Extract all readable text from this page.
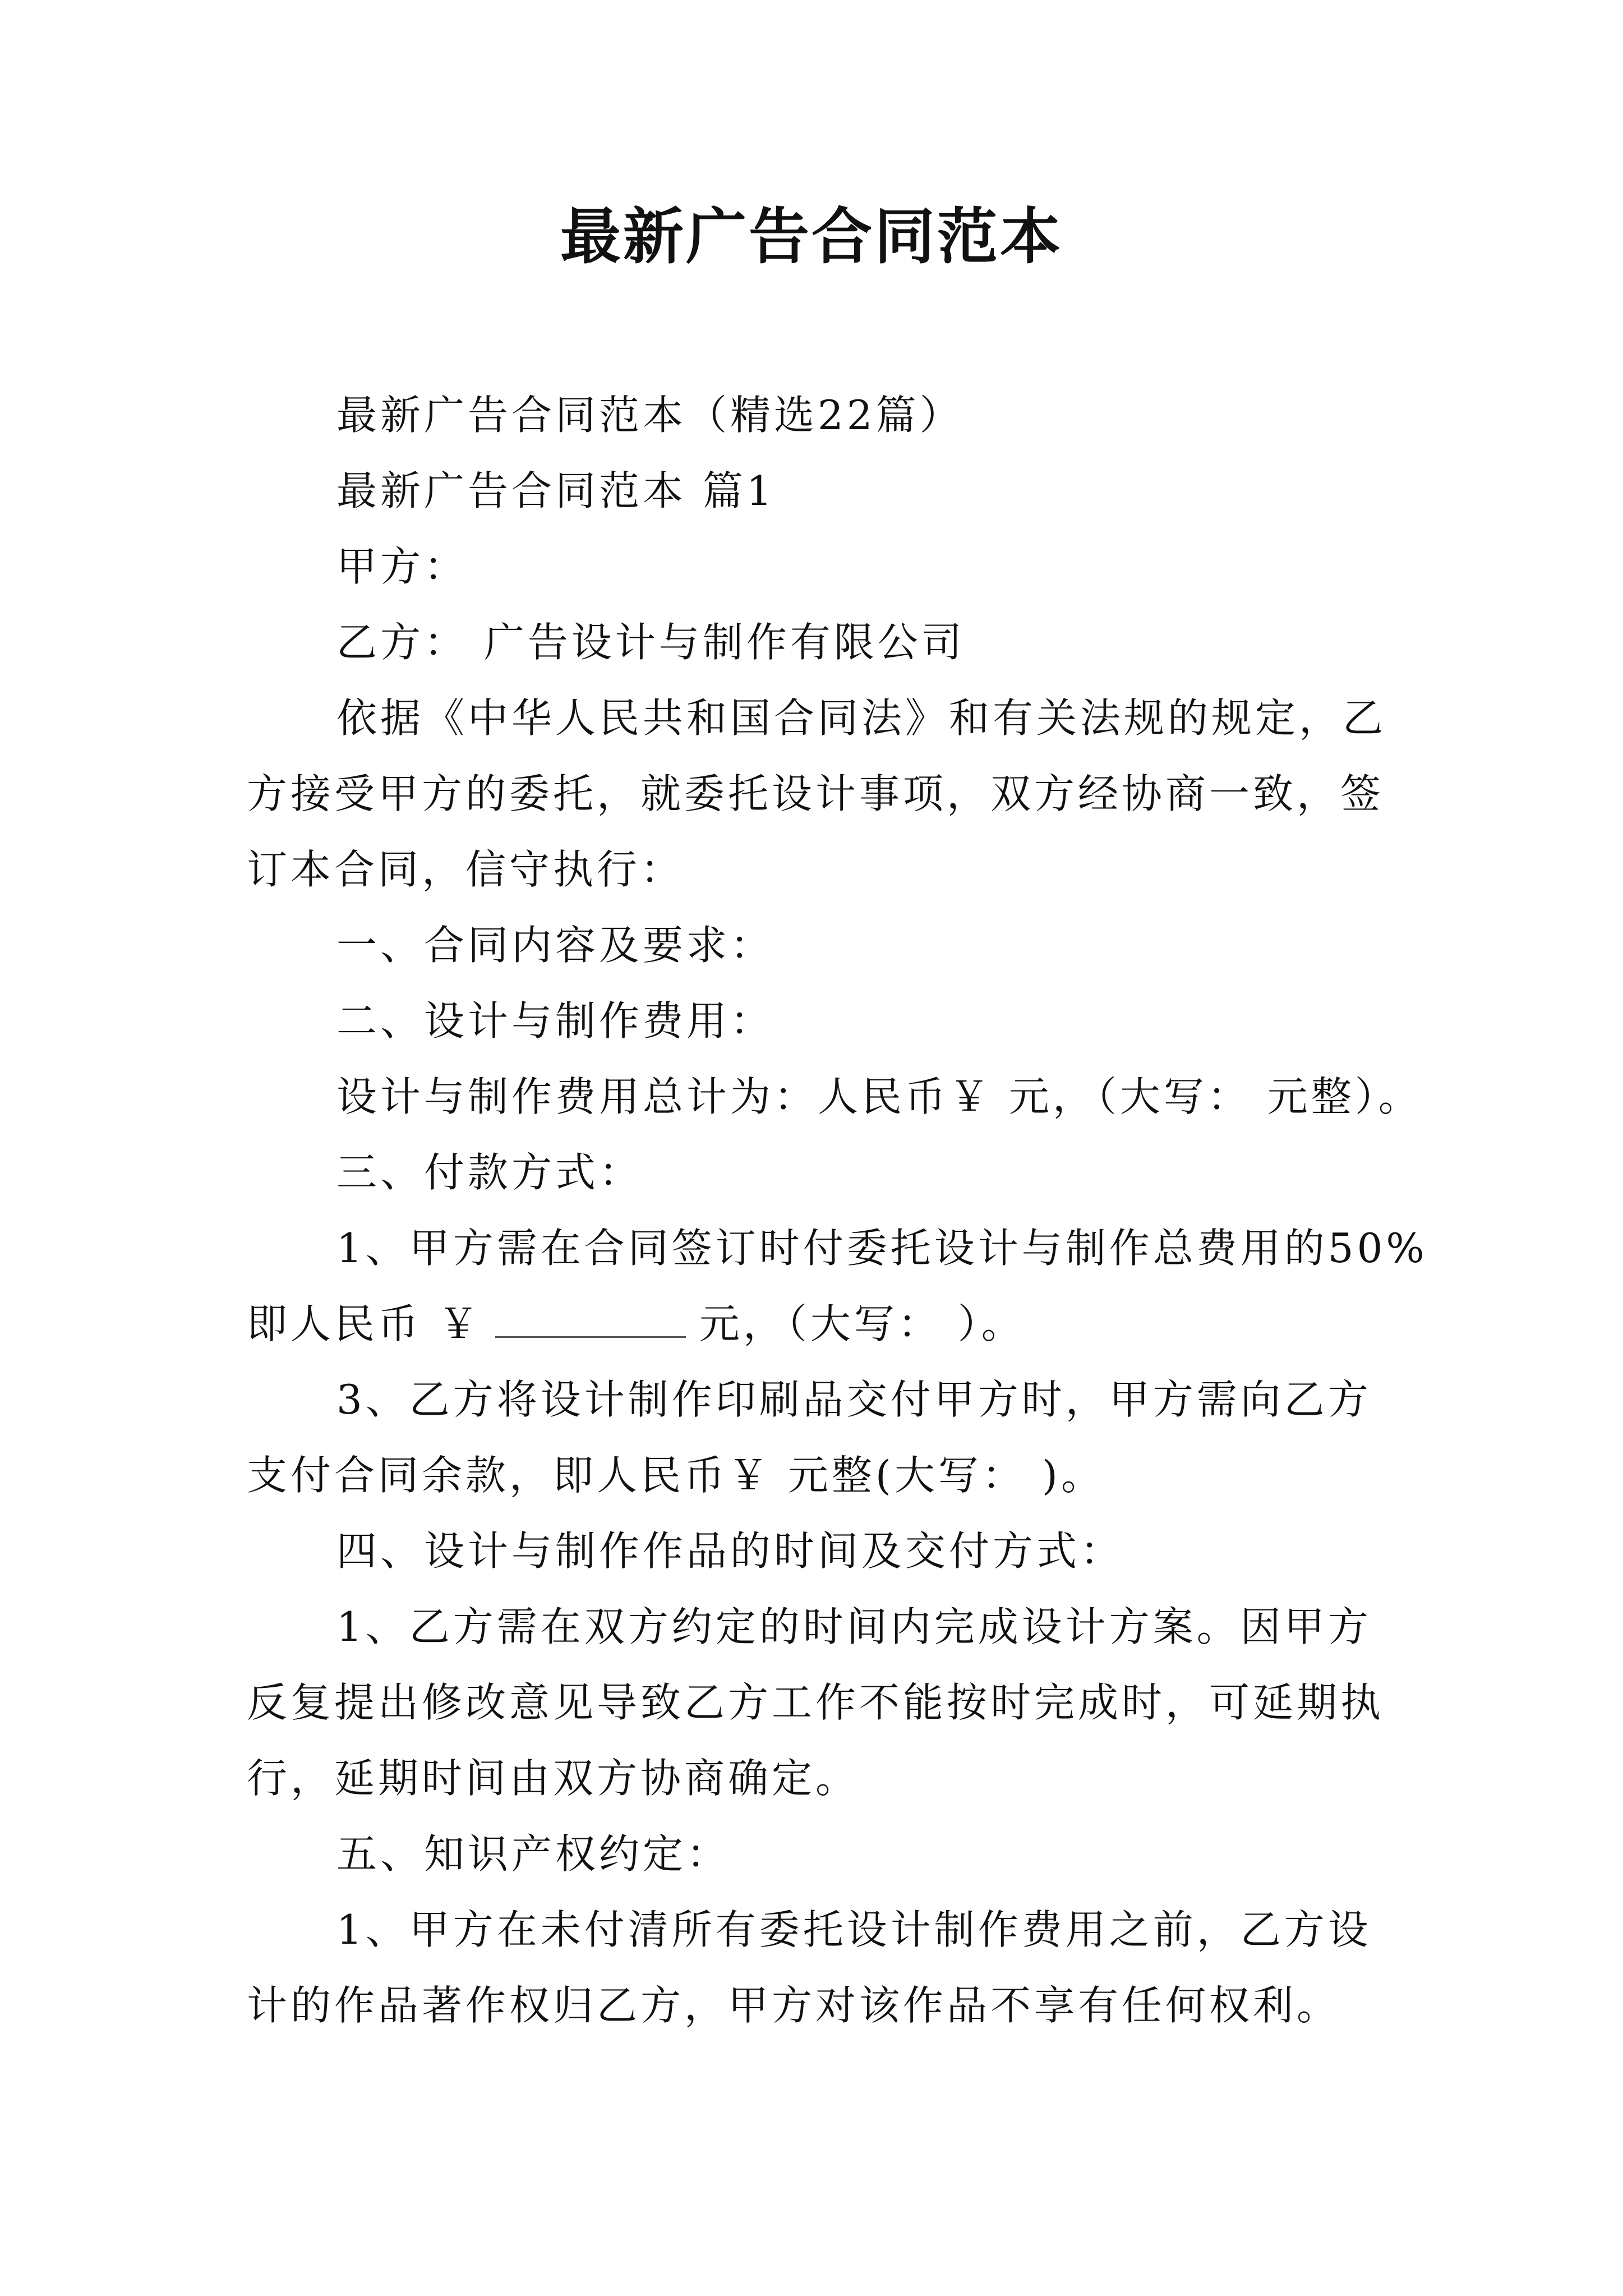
最新广告合同范本
最新广告合同范本（精选22篇）
最新广告合同范本 篇1
甲方：
乙方： 广告设计与制作有限公司
依据《中华人民共和国合同法》和有关法规的规定，乙
方接受甲方的委托，就委托设计事项，双方经协商一致，签
订本合同，信守执行：
一、合同内容及要求：
二、设计与制作费用：
设计与制作费用总计为：人民币￥ 元，（大写： 元整）。
三、付款方式：
1、甲方需在合同签订时付委托设计与制作总费用的50%
即人民币 ￥	元，（大写： ）。
3、乙方将设计制作印刷品交付甲方时，甲方需向乙方
支付合同余款，即人民币￥ 元整(大写： )。
四、设计与制作作品的时间及交付方式：
1、乙方需在双方约定的时间内完成设计方案。因甲方
反复提出修改意见导致乙方工作不能按时完成时，可延期执
行，延期时间由双方协商确定。
五、知识产权约定：
1、甲方在未付清所有委托设计制作费用之前，乙方设
计的作品著作权归乙方，甲方对该作品不享有任何权利。
